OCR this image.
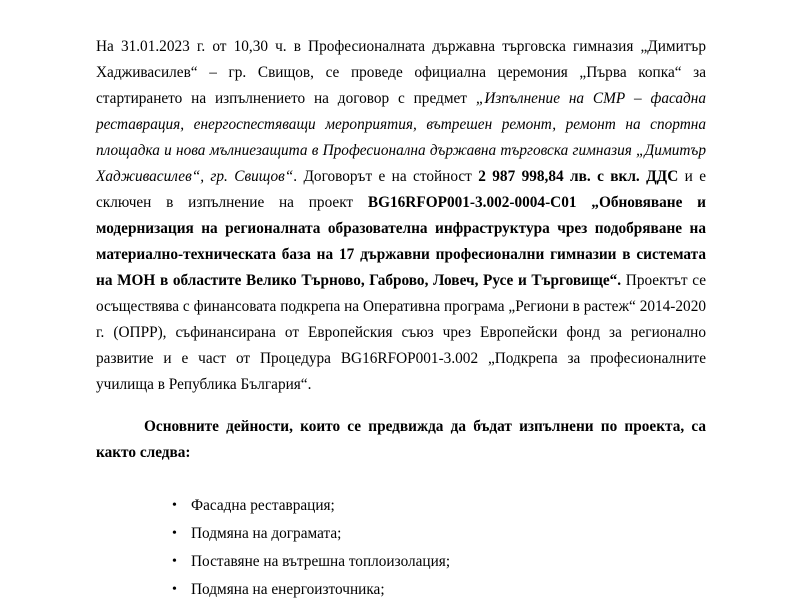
На 31.01.2023 г. от 10,30 ч. в Професионалната държавна търговска гимназия „Димитър Хадживасилев“ – гр. Свищов, се проведе официална церемония „Първа копка“ за стартирането на изпълнението на договор с предмет „Изпълнение на СМР – фасадна реставрация, енергоспестяващи мероприятия, вътрешен ремонт, ремонт на спортна площадка и нова мълниезащита в Професионална държавна търговска гимназия „Димитър Хадживаcилев“, гр. Свищов“. Договорът е на стойност 2 987 998,84 лв. с вкл. ДДС и е сключен в изпълнение на проект BG16RFOP001-3.002-0004-C01 „Обновяване и модернизация на регионалната образователна инфраструктура чрез подобряване на материално-техническата база на 17 държавни професионални гимназии в системата на МОН в областите Велико Търново, Габрово, Ловеч, Русе и Търговище“. Проектът се осъществява с финансовата подкрепа на Оперативна програма „Региони в растеж“ 2014-2020 г. (ОПРР), съфинансирана от Европейския съюз чрез Европейски фонд за регионално развитие и е част от Процедура BG16RFOP001-3.002 „Подкрепа за професионалните училища в Република България“.

Основните дейности, които се предвижда да бъдат изпълнени по проекта, са както следва:

• Фасадна реставрация;
• Подмяна на дограмата;
• Поставяне на вътрешна топлоизолация;
• Подмяна на енергоизточника;
